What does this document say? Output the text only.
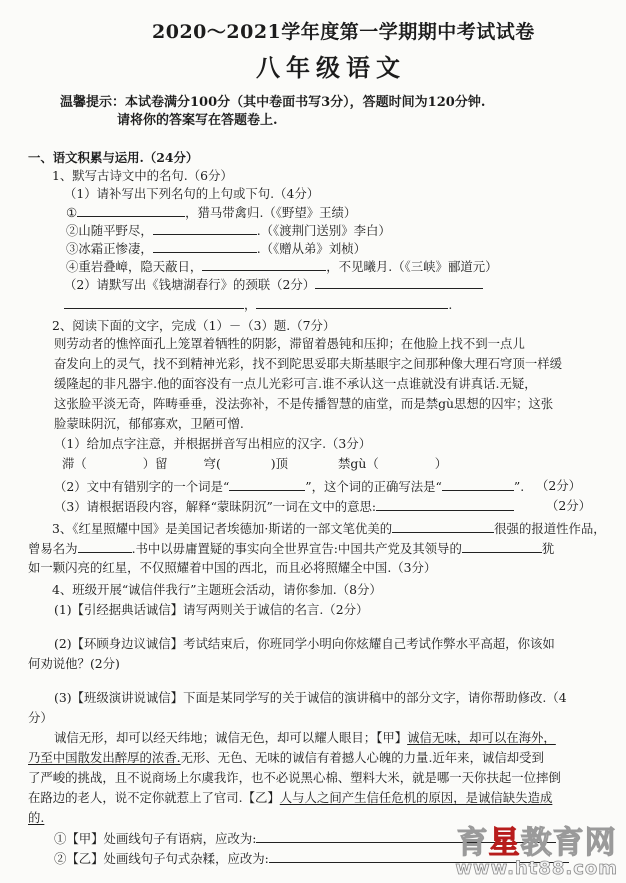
2020～2021学年度第一学期期中考试试卷
八年级语文
温馨提示：本试卷满分100分（其中卷面书写3分），答题时间为120分钟.
请将你的答案写在答题卷上.
一、语文积累与运用.（24分）
1、默写古诗文中的名句.（6分）
（1）请补写出下列名句的上句或下句.（4分）
①	，猎马带禽归.（《野望》王绩）
②山随平野尽，	.（《渡荆门送别》李白）
③冰霜正惨凄，	.（《赠从弟》刘桢）
④重岩叠嶂，隐天蔽日，	，不见曦月.（《三峡》郦道元）
（2）请默写出《钱塘湖春行》的颈联（2分）
，	.
2、阅读下面的文字，完成（1）－（3）题.（7分）
则劳动者的憔悴面孔上笼罩着牺牲的阴影，滞留着愚钝和压抑；在他脸上找不到一点儿
奋发向上的灵气，找不到精神光彩，找不到陀思妥耶夫斯基眼宇之间那种像大理石穹顶一样缓
缓隆起的非凡器宇.他的面容没有一点儿光彩可言.谁不承认这一点谁就没有讲真话.无疑，
这张脸平淡无奇，阵畴垂垂，没法弥补，不是传播智慧的庙堂，而是禁gù思想的囚牢；这张
脸蒙昧阴沉，郁郁寡欢，卫陋可憎.
（1）给加点字注意，并根据拼音写出相应的汉字.（3分）
滞（	）留	穹(	)顶	禁gù（	）
（2）文中有错别字的一个词是“	”，这个词的正确写法是“	”. （2分）
（3）请根据语段内容，解释“蒙昧阴沉”一词在文中的意思:	（2分）
3、《红星照耀中国》是美国记者埃德加·斯诺的一部文笔优美的	很强的报道性作品，
曾易名为	.书中以毋庸置疑的事实向全世界宣告:中国共产党及其领导的	犹
如一颗闪亮的红星，不仅照耀着中国的西北，而且必将照耀全中国.（3分）
4、班级开展“诚信伴我行”主题班会活动，请你参加.（8分）
(1)【引经据典话诚信】请写两则关于诚信的名言.（2分）
(2)【环顾身边议诚信】考试结束后，你班同学小明向你炫耀自己考试作弊水平高超，你该如
何劝说他？(2分)
(3)【班级演讲说诚信】下面是某同学写的关于诚信的演讲稿中的部分文字，请你帮助修改.（4
分）
诚信无形，却可以经天纬地；诚信无色，却可以耀人眼目；【甲】诚信无味，却可以在海外，
乃至中国散发出醉厚的浓香.无形、无色、无味的诚信有着撼人心魄的力量.近年来，诚信却受到
了严峻的挑战，且不说商场上尔虞我诈，也不必说黑心棉、塑料大米，就是哪一天你扶起一位摔倒
在路边的老人，说不定你就惹上了官司.【乙】人与人之间产生信任危机的原因，是诚信缺失造成
的.
①【甲】处画线句子有语病，应改为:
②【乙】处画线句子句式杂糅，应改为:	育星教育网
www.ht88.com
